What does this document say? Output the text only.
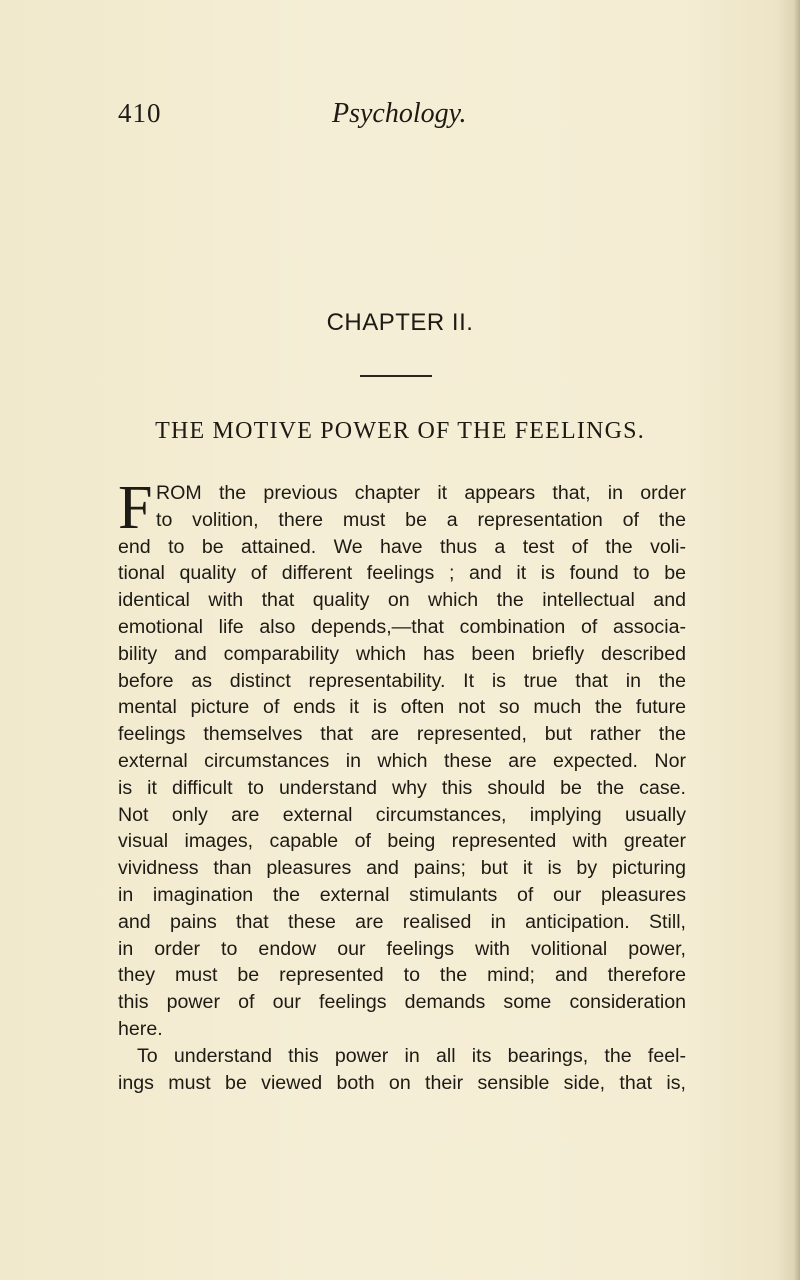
410	Psychology.
CHAPTER II.
THE MOTIVE POWER OF THE FEELINGS.
F ROM the previous chapter it appears that, in order
to volition, there must be a representation of the
end to be attained. We have thus a test of the voli-
tional quality of different feelings ; and it is found to be
identical with that quality on which the intellectual and
emotional life also depends,—that combination of associa-
bility and comparability which has been briefly described
before as distinct representability. It is true that in the
mental picture of ends it is often not so much the future
feelings themselves that are represented, but rather the
external circumstances in which these are expected. Nor
is it difficult to understand why this should be the case.
Not only are external circumstances, implying usually
visual images, capable of being represented with greater
vividness than pleasures and pains; but it is by picturing
in imagination the external stimulants of our pleasures
and pains that these are realised in anticipation. Still,
in order to endow our feelings with volitional power,
they must be represented to the mind; and therefore
this power of our feelings demands some consideration
here.
To understand this power in all its bearings, the feel-
ings must be viewed both on their sensible side, that is,
